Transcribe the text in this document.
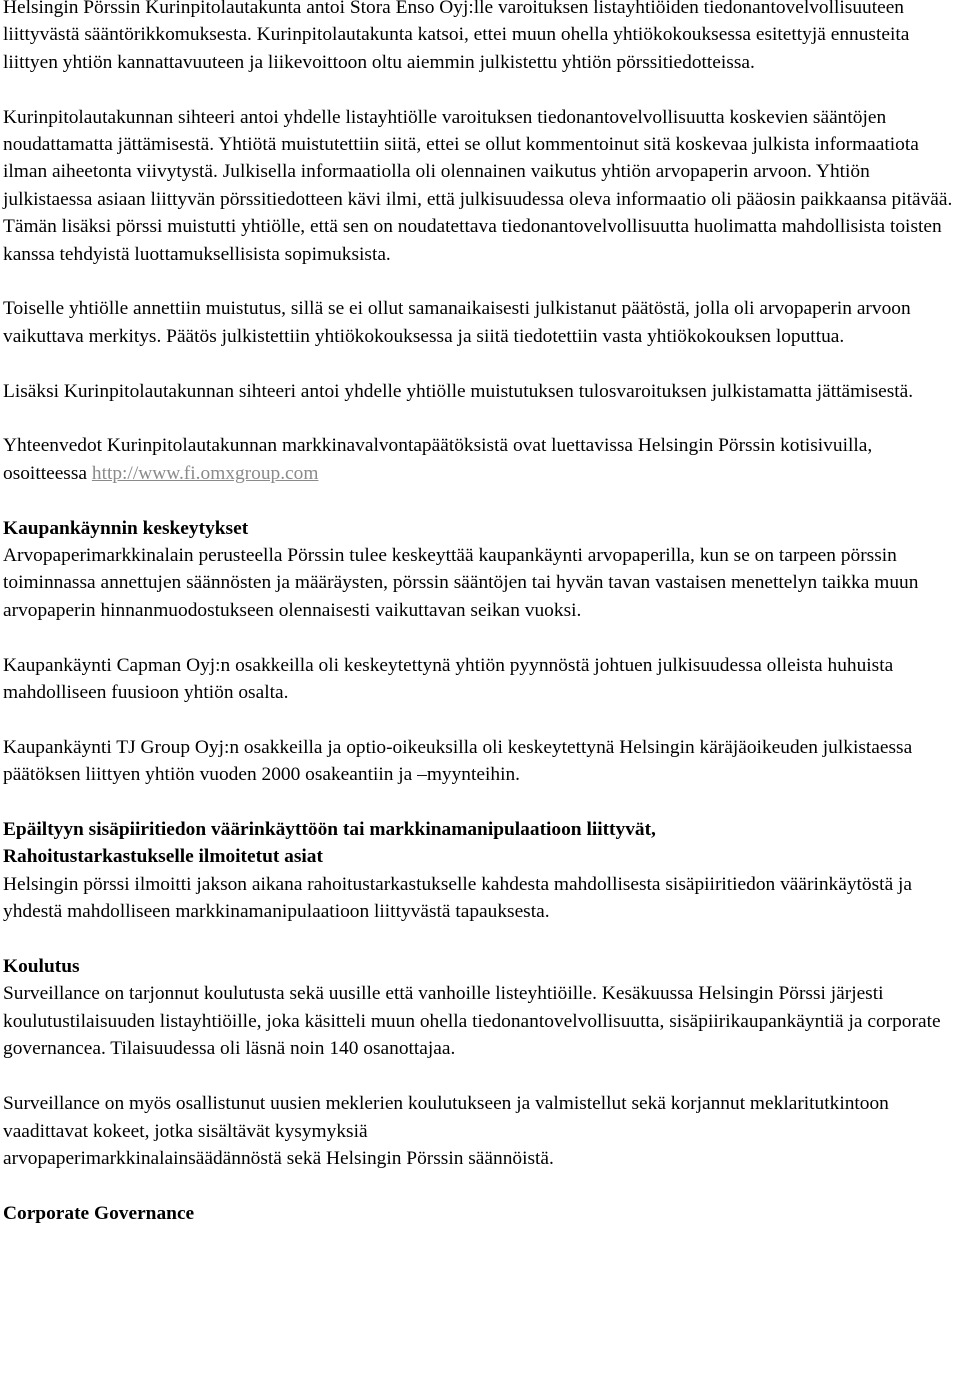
Helsingin Pörssin Kurinpitolautakunta antoi Stora Enso Oyj:lle varoituksen listayhtiöiden tiedonantovelvollisuuteen liittyvästä sääntörikkomuksesta. Kurinpitolautakunta katsoi, ettei muun ohella yhtiökokouksessa esitettyjä ennusteita liittyen yhtiön kannattavuuteen ja liikevoittoon oltu aiemmin julkistettu yhtiön pörssitiedotteissa.

Kurinpitolautakunnan sihteeri antoi yhdelle listayhtiölle varoituksen tiedonantovelvollisuutta koskevien sääntöjen noudattamatta jättämisestä. Yhtiötä muistutettiin siitä, ettei se ollut kommentoinut sitä koskevaa julkista informaatiota ilman aiheetonta viivytystä. Julkisella informaatiolla oli olennainen vaikutus yhtiön arvopaperin arvoon. Yhtiön julkistaessa asiaan liittyvän pörssitiedotteen kävi ilmi, että julkisuudessa oleva informaatio oli pääosin paikkaansa pitävää. Tämän lisäksi pörssi muistutti yhtiölle, että sen on noudatettava tiedonantovelvollisuutta huolimatta mahdollisista toisten kanssa tehdyistä luottamuksellisista sopimuksista.

Toiselle yhtiölle annettiin muistutus, sillä se ei ollut samanaikaisesti julkistanut päätöstä, jolla oli arvopaperin arvoon vaikuttava merkitys. Päätös julkistettiin yhtiökokouksessa ja siitä tiedotettiin vasta yhtiökokouksen loputtua.

Lisäksi Kurinpitolautakunnan sihteeri antoi yhdelle yhtiölle muistutuksen tulosvaroituksen julkistamatta jättämisestä.

Yhteenvedot Kurinpitolautakunnan markkinavalvontapäätöksistä ovat luettavissa Helsingin Pörssin kotisivuilla, osoitteessa http://www.fi.omxgroup.com

Kaupankäynnin keskeytykset

Arvopaperimarkkinalain perusteella Pörssin tulee keskeyttää kaupankäynti arvopaperilla, kun se on tarpeen pörssin toiminnassa annettujen säännösten ja määräysten, pörssin sääntöjen tai hyvän tavan vastaisen menettelyn taikka muun arvopaperin hinnanmuodostukseen olennaisesti vaikuttavan seikan vuoksi.

Kaupankäynti Capman Oyj:n osakkeilla oli keskeytettynä yhtiön pyynnöstä johtuen julkisuudessa olleista huhuista mahdolliseen fuusioon yhtiön osalta.

Kaupankäynti TJ Group Oyj:n osakkeilla ja optio-oikeuksilla oli keskeytettynä Helsingin käräjäoikeuden julkistaessa päätöksen liittyen yhtiön vuoden 2000 osakeantiin ja –myynteihin.

Epäiltyyn sisäpiiritiedon väärinkäyttöön tai markkinamanipulaatioon liittyvät,
Rahoitustarkastukselle ilmoitetut asiat

Helsingin pörssi ilmoitti jakson aikana rahoitustarkastukselle kahdesta mahdollisesta sisäpiiritiedon väärinkäytöstä ja yhdestä mahdolliseen markkinamanipulaatioon liittyvästä tapauksesta.

Koulutus

Surveillance on tarjonnut koulutusta sekä uusille että vanhoille listeyhtiöille. Kesäkuussa Helsingin Pörssi järjesti koulutustilaisuuden listayhtiöille, joka käsitteli muun ohella tiedonantovelvollisuutta, sisäpiirikaupankäyntiä ja corporate governancea. Tilaisuudessa oli läsnä noin 140 osanottajaa.

Surveillance on myös osallistunut uusien meklerien koulutukseen ja valmistellut sekä korjannut meklaritutkintoon vaadittavat kokeet, jotka sisältävät kysymyksiä
arvopaperimarkkinalainsäädännöstä sekä Helsingin Pörssin säännöistä.

Corporate Governance
